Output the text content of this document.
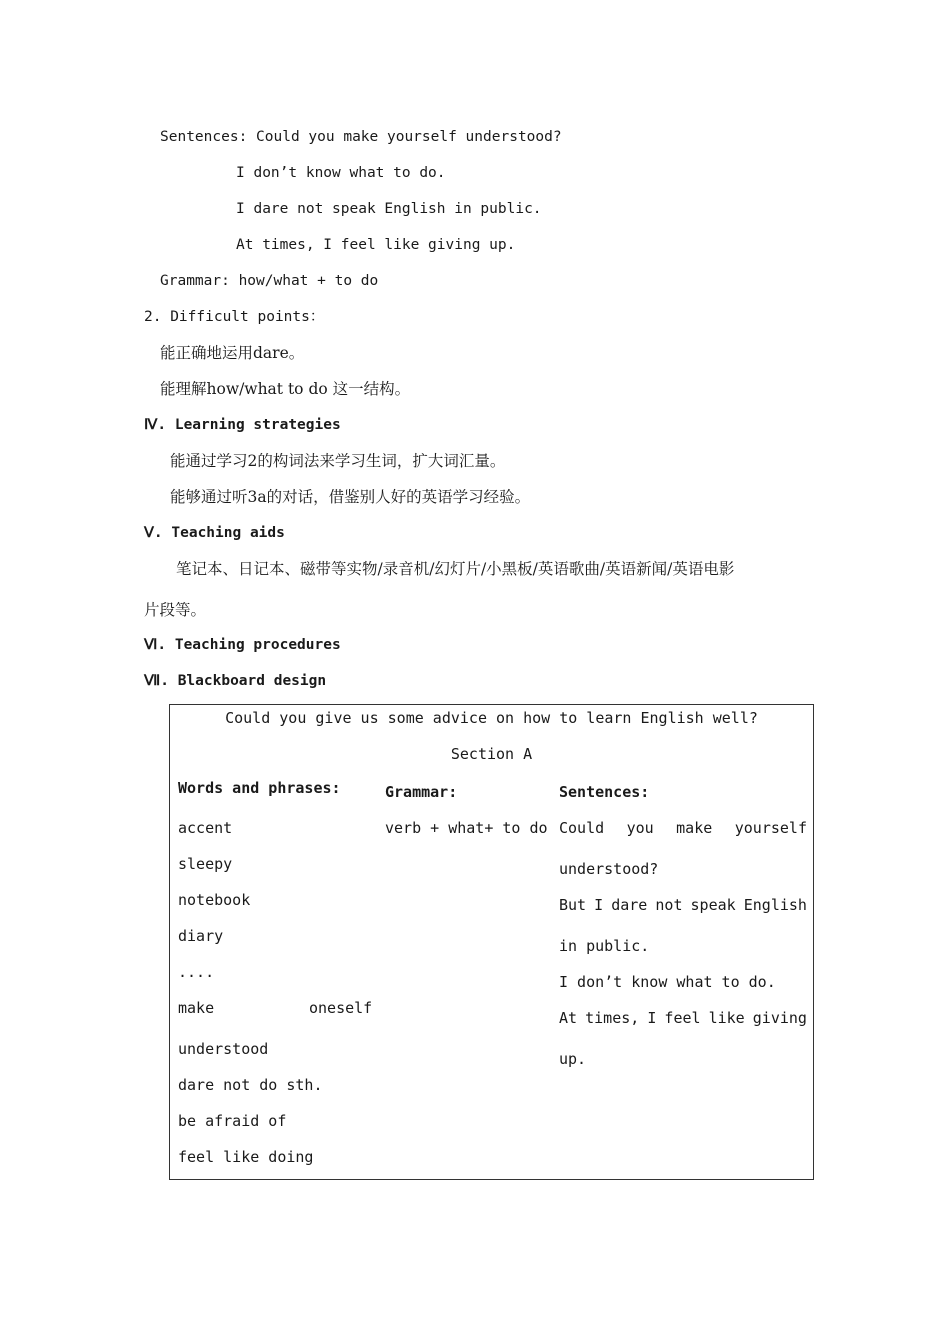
Sentences: Could you make yourself understood?
I don’t know what to do.
I dare not speak English in public.
At times, I feel like giving up.
Grammar: how/what + to do
2. Difficult points：
能正确地运用dare。
能理解how/what to do 这一结构。
Ⅳ. Learning strategies
能通过学习2的构词法来学习生词，扩大词汇量。
能够通过听3a的对话，借鉴别人好的英语学习经验。
Ⅴ. Teaching aids
笔记本、日记本、磁带等实物/录音机/幻灯片/小黑板/英语歌曲/英语新闻/英语电影
片段等。
Ⅵ. Teaching procedures
Ⅶ. Blackboard design
Could you give us some advice on how to learn English well?
Section A
Words and phrases:
accent
sleepy
notebook
diary
....
make	oneself
understood
dare not do sth.
be afraid of
feel like doing
Grammar:
verb + what+ to do
Sentences:
Could you make yourself
understood?
But I dare not speak English
in public.
I don’t know what to do.
At times, I feel like giving
up.
